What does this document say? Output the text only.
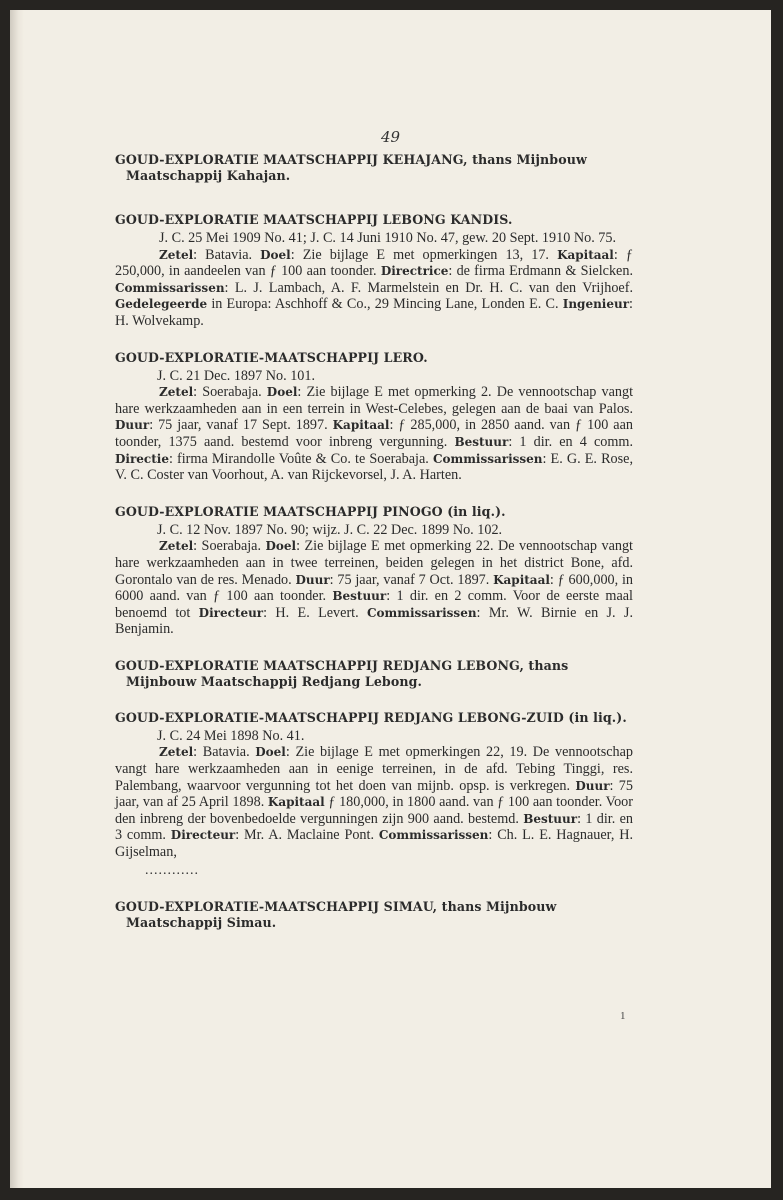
49

GOUD-EXPLORATIE MAATSCHAPPIJ KEHAJANG, thans Mijnbouw Maatschappij Kahajan.

GOUD-EXPLORATIE MAATSCHAPPIJ LEBONG KANDIS.

J. C. 25 Mei 1909 No. 41; J. C. 14 Juni 1910 No. 47, gew. 20 Sept. 1910 No. 75.

Zetel: Batavia. Doel: Zie bijlage E met opmerkingen 13, 17. Kapitaal: ƒ 250,000, in aandeelen van ƒ 100 aan toonder. Directrice: de firma Erdmann & Sielcken. Commissarissen: L. J. Lambach, A. F. Marmelstein en Dr. H. C. van den Vrijhoef. Gedelegeerde in Europa: Aschhoff & Co., 29 Mincing Lane, Londen E. C. Ingenieur: H. Wolvekamp.

GOUD-EXPLORATIE-MAATSCHAPPIJ LERO.

J. C. 21 Dec. 1897 No. 101.

Zetel: Soerabaja. Doel: Zie bijlage E met opmerking 2. De vennootschap vangt hare werkzaamheden aan in een terrein in West-Celebes, gelegen aan de baai van Palos. Duur: 75 jaar, vanaf 17 Sept. 1897. Kapitaal: ƒ 285,000, in 2850 aand. van ƒ 100 aan toonder, 1375 aand. bestemd voor inbreng vergunning. Bestuur: 1 dir. en 4 comm. Directie: firma Mirandolle Voûte & Co. te Soerabaja. Commissarissen: E. G. E. Rose, V. C. Coster van Voorhout, A. van Rijckevorsel, J. A. Harten.

GOUD-EXPLORATIE MAATSCHAPPIJ PINOGO (in liq.).

J. C. 12 Nov. 1897 No. 90; wijz. J. C. 22 Dec. 1899 No. 102.

Zetel: Soerabaja. Doel: Zie bijlage E met opmerking 22. De vennootschap vangt hare werkzaamheden aan in twee terreinen, beiden gelegen in het district Bone, afd. Gorontalo van de res. Menado. Duur: 75 jaar, vanaf 7 Oct. 1897. Kapitaal: ƒ 600,000, in 6000 aand. van ƒ 100 aan toonder. Bestuur: 1 dir. en 2 comm. Voor de eerste maal benoemd tot Directeur: H. E. Levert. Commissarissen: Mr. W. Birnie en J. J. Benjamin.

GOUD-EXPLORATIE MAATSCHAPPIJ REDJANG LEBONG, thans Mijnbouw Maatschappij Redjang Lebong.

GOUD-EXPLORATIE-MAATSCHAPPIJ REDJANG LEBONG-ZUID (in liq.).

J. C. 24 Mei 1898 No. 41.

Zetel: Batavia. Doel: Zie bijlage E met opmerkingen 22, 19. De vennootschap vangt hare werkzaamheden aan in eenige terreinen, in de afd. Tebing Tinggi, res. Palembang, waarvoor vergunning tot het doen van mijnb. opsp. is verkregen. Duur: 75 jaar, van af 25 April 1898. Kapitaal ƒ 180,000, in 1800 aand. van ƒ 100 aan toonder. Voor den inbreng der bovenbedoelde vergunningen zijn 900 aand. bestemd. Bestuur: 1 dir. en 3 comm. Directeur: Mr. A. Maclaine Pont. Commissarissen: Ch. L. E. Hagnauer, H. Gijselman,

............

GOUD-EXPLORATIE-MAATSCHAPPIJ SIMAU, thans Mijnbouw Maatschappij Simau.

1
